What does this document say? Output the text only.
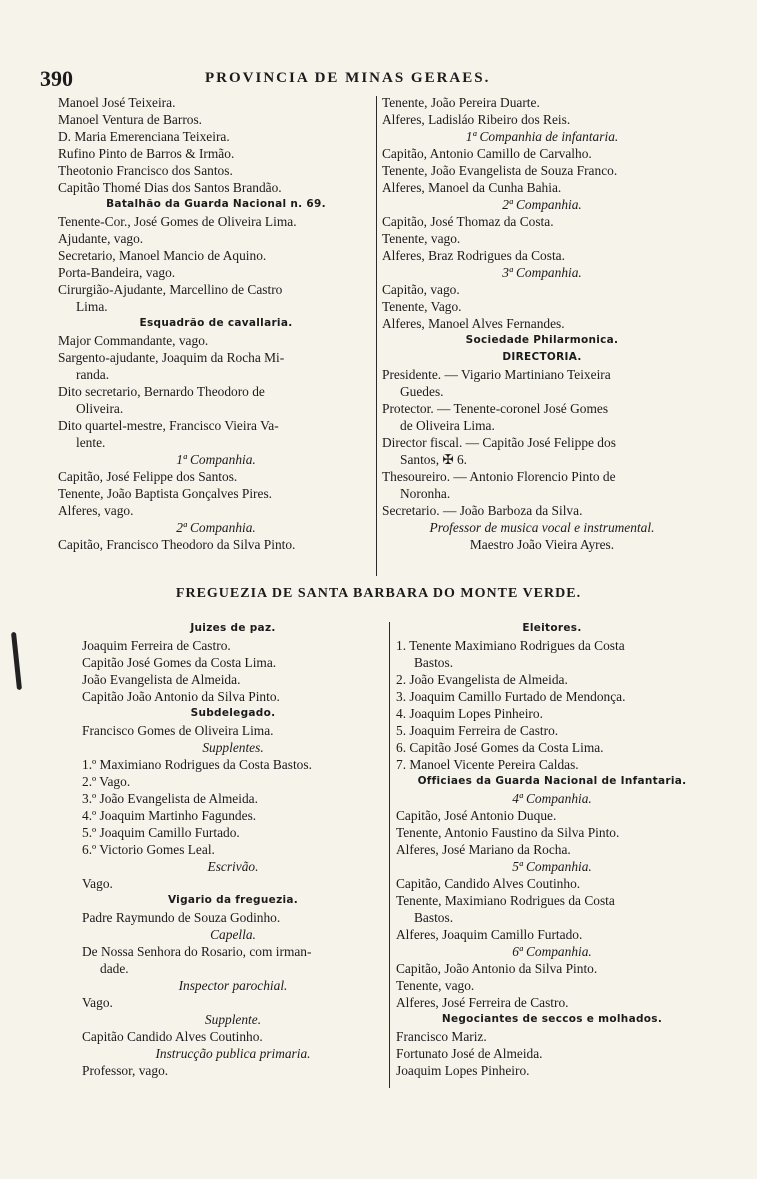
390	PROVINCIA DE MINAS GERAES.
Manoel José Teixeira.
Manoel Ventura de Barros.
D. Maria Emerenciana Teixeira.
Rufino Pinto de Barros & Irmão.
Theotonio Francisco dos Santos.
Capitão Thomé Dias dos Santos Brandão.
Batalhão da Guarda Nacional n. 69.
Tenente-Cor., José Gomes de Oliveira Lima.
Ajudante, vago.
Secretario, Manoel Mancio de Aquino.
Porta-Bandeira, vago.
Cirurgião-Ajudante, Marcellino de Castro
Lima.
Esquadrão de cavallaria.
Major Commandante, vago.
Sargento-ajudante, Joaquim da Rocha Mi-
randa.
Dito secretario, Bernardo Theodoro de
Oliveira.
Dito quartel-mestre, Francisco Vieira Va-
lente.
1ª Companhia.
Capitão, José Felippe dos Santos.
Tenente, João Baptista Gonçalves Pires.
Alferes, vago.
2ª Companhia.
Capitão, Francisco Theodoro da Silva Pinto.
Tenente, João Pereira Duarte.
Alferes, Ladisláo Ribeiro dos Reis.
1ª Companhia de infantaria.
Capitão, Antonio Camillo de Carvalho.
Tenente, João Evangelista de Souza Franco.
Alferes, Manoel da Cunha Bahia.
2ª Companhia.
Capitão, José Thomaz da Costa.
Tenente, vago.
Alferes, Braz Rodrigues da Costa.
3ª Companhia.
Capitão, vago.
Tenente, Vago.
Alferes, Manoel Alves Fernandes.
Sociedade Philarmonica.
DIRECTORIA.
Presidente. — Vigario Martiniano Teixeira
Guedes.
Protector. — Tenente-coronel José Gomes
de Oliveira Lima.
Director fiscal. — Capitão José Felippe dos
Santos, ✠ 6.
Thesoureiro. — Antonio Florencio Pinto de
Noronha.
Secretario. — João Barboza da Silva.
Professor de musica vocal e instrumental.
Maestro João Vieira Ayres.
FREGUEZIA DE SANTA BARBARA DO MONTE VERDE.
Juizes de paz.
Joaquim Ferreira de Castro.
Capitão José Gomes da Costa Lima.
João Evangelista de Almeida.
Capitão João Antonio da Silva Pinto.
Subdelegado.
Francisco Gomes de Oliveira Lima.
Supplentes.
1.º Maximiano Rodrigues da Costa Bastos.
2.º Vago.
3.º João Evangelista de Almeida.
4.º Joaquim Martinho Fagundes.
5.º Joaquim Camillo Furtado.
6.º Victorio Gomes Leal.
Escrivão.
Vago.
Vigario da freguezia.
Padre Raymundo de Souza Godinho.
Capella.
De Nossa Senhora do Rosario, com irman-
dade.
Inspector parochial.
Vago.
Supplente.
Capitão Candido Alves Coutinho.
Instrucção publica primaria.
Professor, vago.
Eleitores.
1. Tenente Maximiano Rodrigues da Costa
Bastos.
2. João Evangelista de Almeida.
3. Joaquim Camillo Furtado de Mendonça.
4. Joaquim Lopes Pinheiro.
5. Joaquim Ferreira de Castro.
6. Capitão José Gomes da Costa Lima.
7. Manoel Vicente Pereira Caldas.
Officiaes da Guarda Nacional de Infantaria.
4ª Companhia.
Capitão, José Antonio Duque.
Tenente, Antonio Faustino da Silva Pinto.
Alferes, José Mariano da Rocha.
5ª Companhia.
Capitão, Candido Alves Coutinho.
Tenente, Maximiano Rodrigues da Costa
Bastos.
Alferes, Joaquim Camillo Furtado.
6ª Companhia.
Capitão, João Antonio da Silva Pinto.
Tenente, vago.
Alferes, José Ferreira de Castro.
Negociantes de seccos e molhados.
Francisco Mariz.
Fortunato José de Almeida.
Joaquim Lopes Pinheiro.
